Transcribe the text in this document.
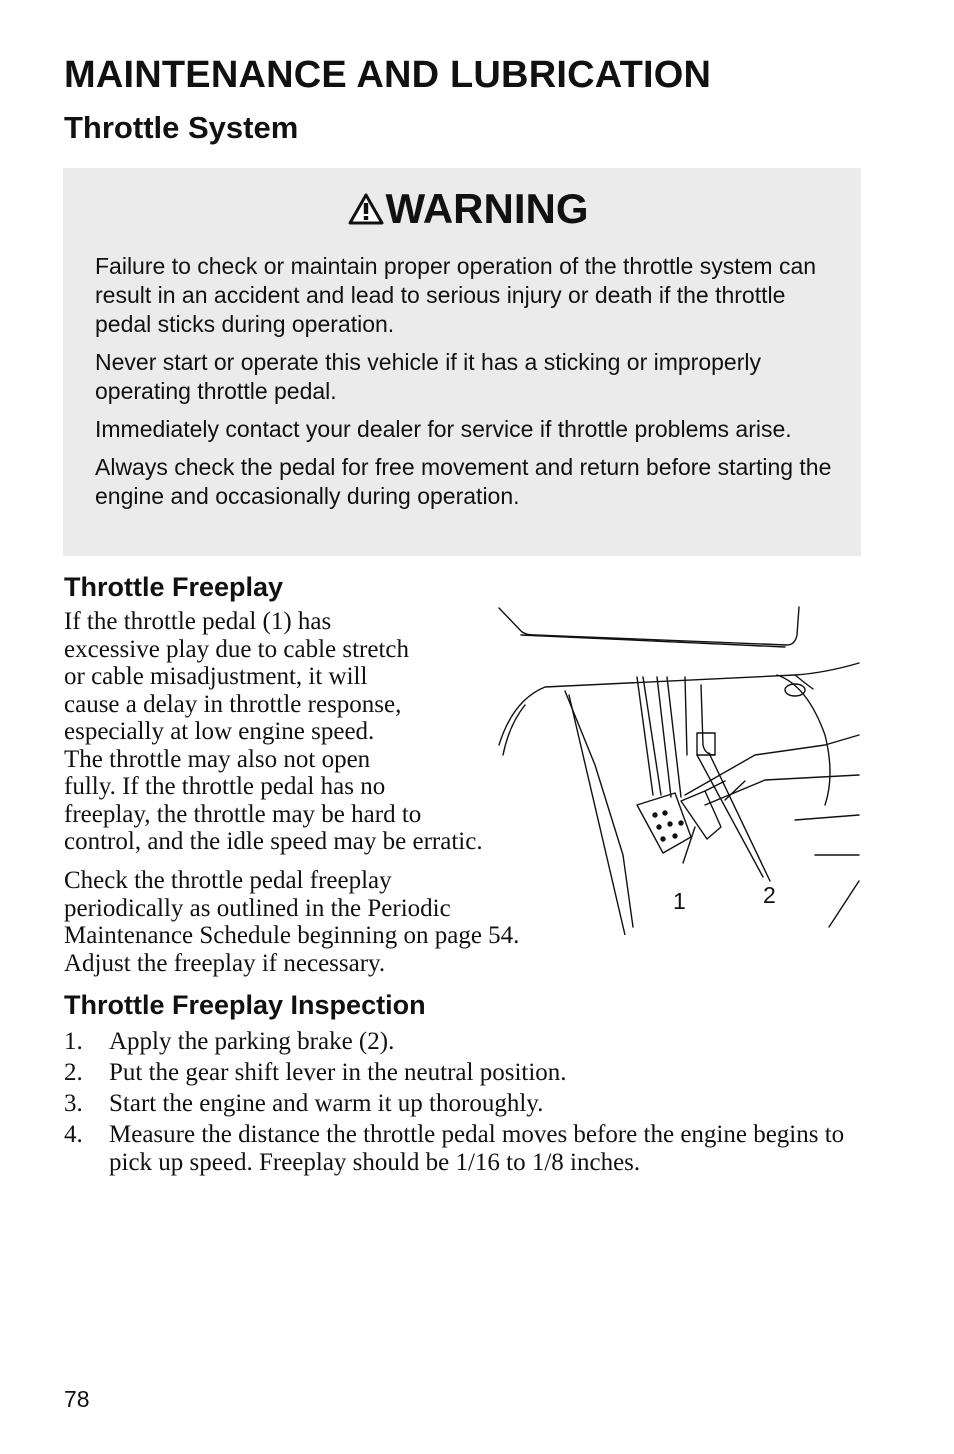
MAINTENANCE AND LUBRICATION
Throttle System
WARNING

Failure to check or maintain proper operation of the throttle system can result in an accident and lead to serious injury or death if the throttle pedal sticks during operation.

Never start or operate this vehicle if it has a sticking or improperly operating throttle pedal.

Immediately contact your dealer for service if throttle problems arise.

Always check the pedal for free movement and return before starting the engine and occasionally during operation.

Throttle Freeplay
If the throttle pedal (1) has
excessive play due to cable stretch
or cable misadjustment, it will
cause a delay in throttle response,
especially at low engine speed.
The throttle may also not open
fully. If the throttle pedal has no
freeplay, the throttle may be hard to
control, and the idle speed may be erratic.
Check the throttle pedal freeplay
periodically as outlined in the Periodic
Maintenance Schedule beginning on page 54.
Adjust the freeplay if necessary.
1	2
Throttle Freeplay Inspection
1. Apply the parking brake (2).
2. Put the gear shift lever in the neutral position.
3. Start the engine and warm it up thoroughly.
4. Measure the distance the throttle pedal moves before the engine begins to pick up speed. Freeplay should be 1/16 to 1/8 inches.
78
